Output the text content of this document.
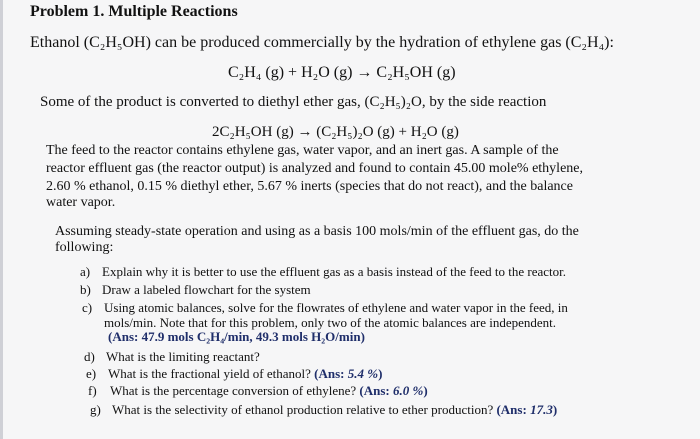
Problem 1. Multiple Reactions
Ethanol (C₂H₅OH) can be produced commercially by the hydration of ethylene gas (C₂H₄):
C₂H₄ (g) + H₂O (g) → C₂H₅OH (g)
Some of the product is converted to diethyl ether gas, (C₂H₅)₂O, by the side reaction
2C₂H₅OH (g) → (C₂H₅)₂O (g) + H₂O (g)
The feed to the reactor contains ethylene gas, water vapor, and an inert gas. A sample of the
reactor effluent gas (the reactor output) is analyzed and found to contain 45.00 mole% ethylene,
2.60 % ethanol, 0.15 % diethyl ether, 5.67 % inerts (species that do not react), and the balance
water vapor.
Assuming steady-state operation and using as a basis 100 mols/min of the effluent gas, do the
following:
a) Explain why it is better to use the effluent gas as a basis instead of the feed to the reactor.
b) Draw a labeled flowchart for the system
c) Using atomic balances, solve for the flowrates of ethylene and water vapor in the feed, in
mols/min. Note that for this problem, only two of the atomic balances are independent.
(Ans: 47.9 mols C₂H₄/min, 49.3 mols H₂O/min)
d) What is the limiting reactant?
e) What is the fractional yield of ethanol? (Ans: 5.4 %)
f) What is the percentage conversion of ethylene? (Ans: 6.0 %)
g) What is the selectivity of ethanol production relative to ether production? (Ans: 17.3)
